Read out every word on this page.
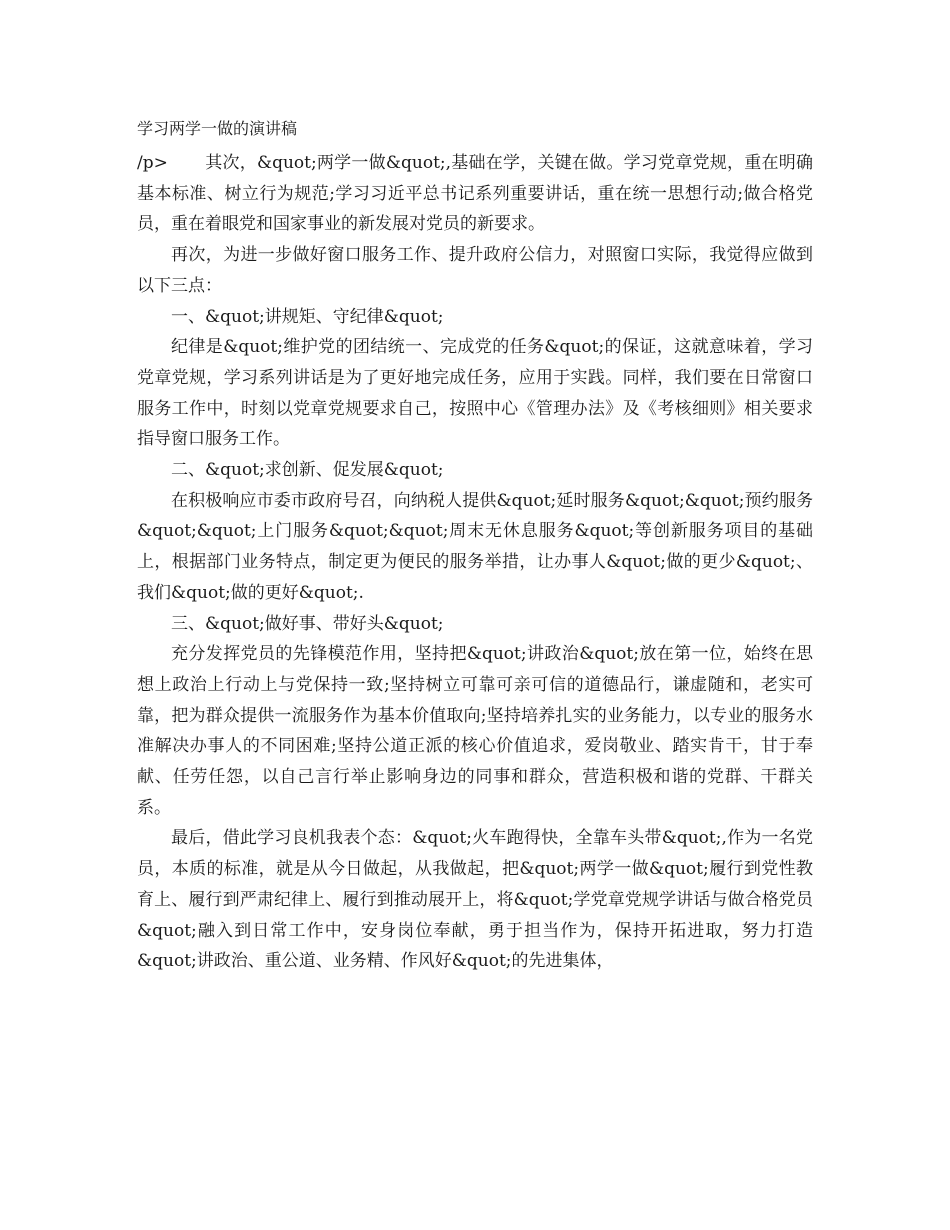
学习两学一做的演讲稿

/p> 其次，&quot;两学一做&quot;,基础在学，关键在做。学习党章党规，重在明确基本标准、树立行为规范;学习习近平总书记系列重要讲话，重在统一思想行动;做合格党员，重在着眼党和国家事业的新发展对党员的新要求。

再次，为进一步做好窗口服务工作、提升政府公信力，对照窗口实际，我觉得应做到以下三点：

一、&quot;讲规矩、守纪律&quot;

纪律是&quot;维护党的团结统一、完成党的任务&quot;的保证，这就意味着，学习党章党规，学习系列讲话是为了更好地完成任务，应用于实践。同样，我们要在日常窗口服务工作中，时刻以党章党规要求自己，按照中心《管理办法》及《考核细则》相关要求指导窗口服务工作。

二、&quot;求创新、促发展&quot;

在积极响应市委市政府号召，向纳税人提供&quot;延时服务&quot;&quot;预约服务&quot;&quot;上门服务&quot;&quot;周末无休息服务&quot;等创新服务项目的基础上，根据部门业务特点，制定更为便民的服务举措，让办事人&quot;做的更少&quot;、我们&quot;做的更好&quot;.

三、&quot;做好事、带好头&quot;

充分发挥党员的先锋模范作用，坚持把&quot;讲政治&quot;放在第一位，始终在思想上政治上行动上与党保持一致;坚持树立可靠可亲可信的道德品行，谦虚随和，老实可靠，把为群众提供一流服务作为基本价值取向;坚持培养扎实的业务能力，以专业的服务水准解决办事人的不同困难;坚持公道正派的核心价值追求，爱岗敬业、踏实肯干，甘于奉献、任劳任怨，以自己言行举止影响身边的同事和群众，营造积极和谐的党群、干群关系。

最后，借此学习良机我表个态：&quot;火车跑得快，全靠车头带&quot;,作为一名党员，本质的标准，就是从今日做起，从我做起，把&quot;两学一做&quot;履行到党性教育上、履行到严肃纪律上、履行到推动展开上，将&quot;学党章党规学讲话与做合格党员&quot;融入到日常工作中，安身岗位奉献，勇于担当作为，保持开拓进取，努力打造&quot;讲政治、重公道、业务精、作风好&quot;的先进集体，
